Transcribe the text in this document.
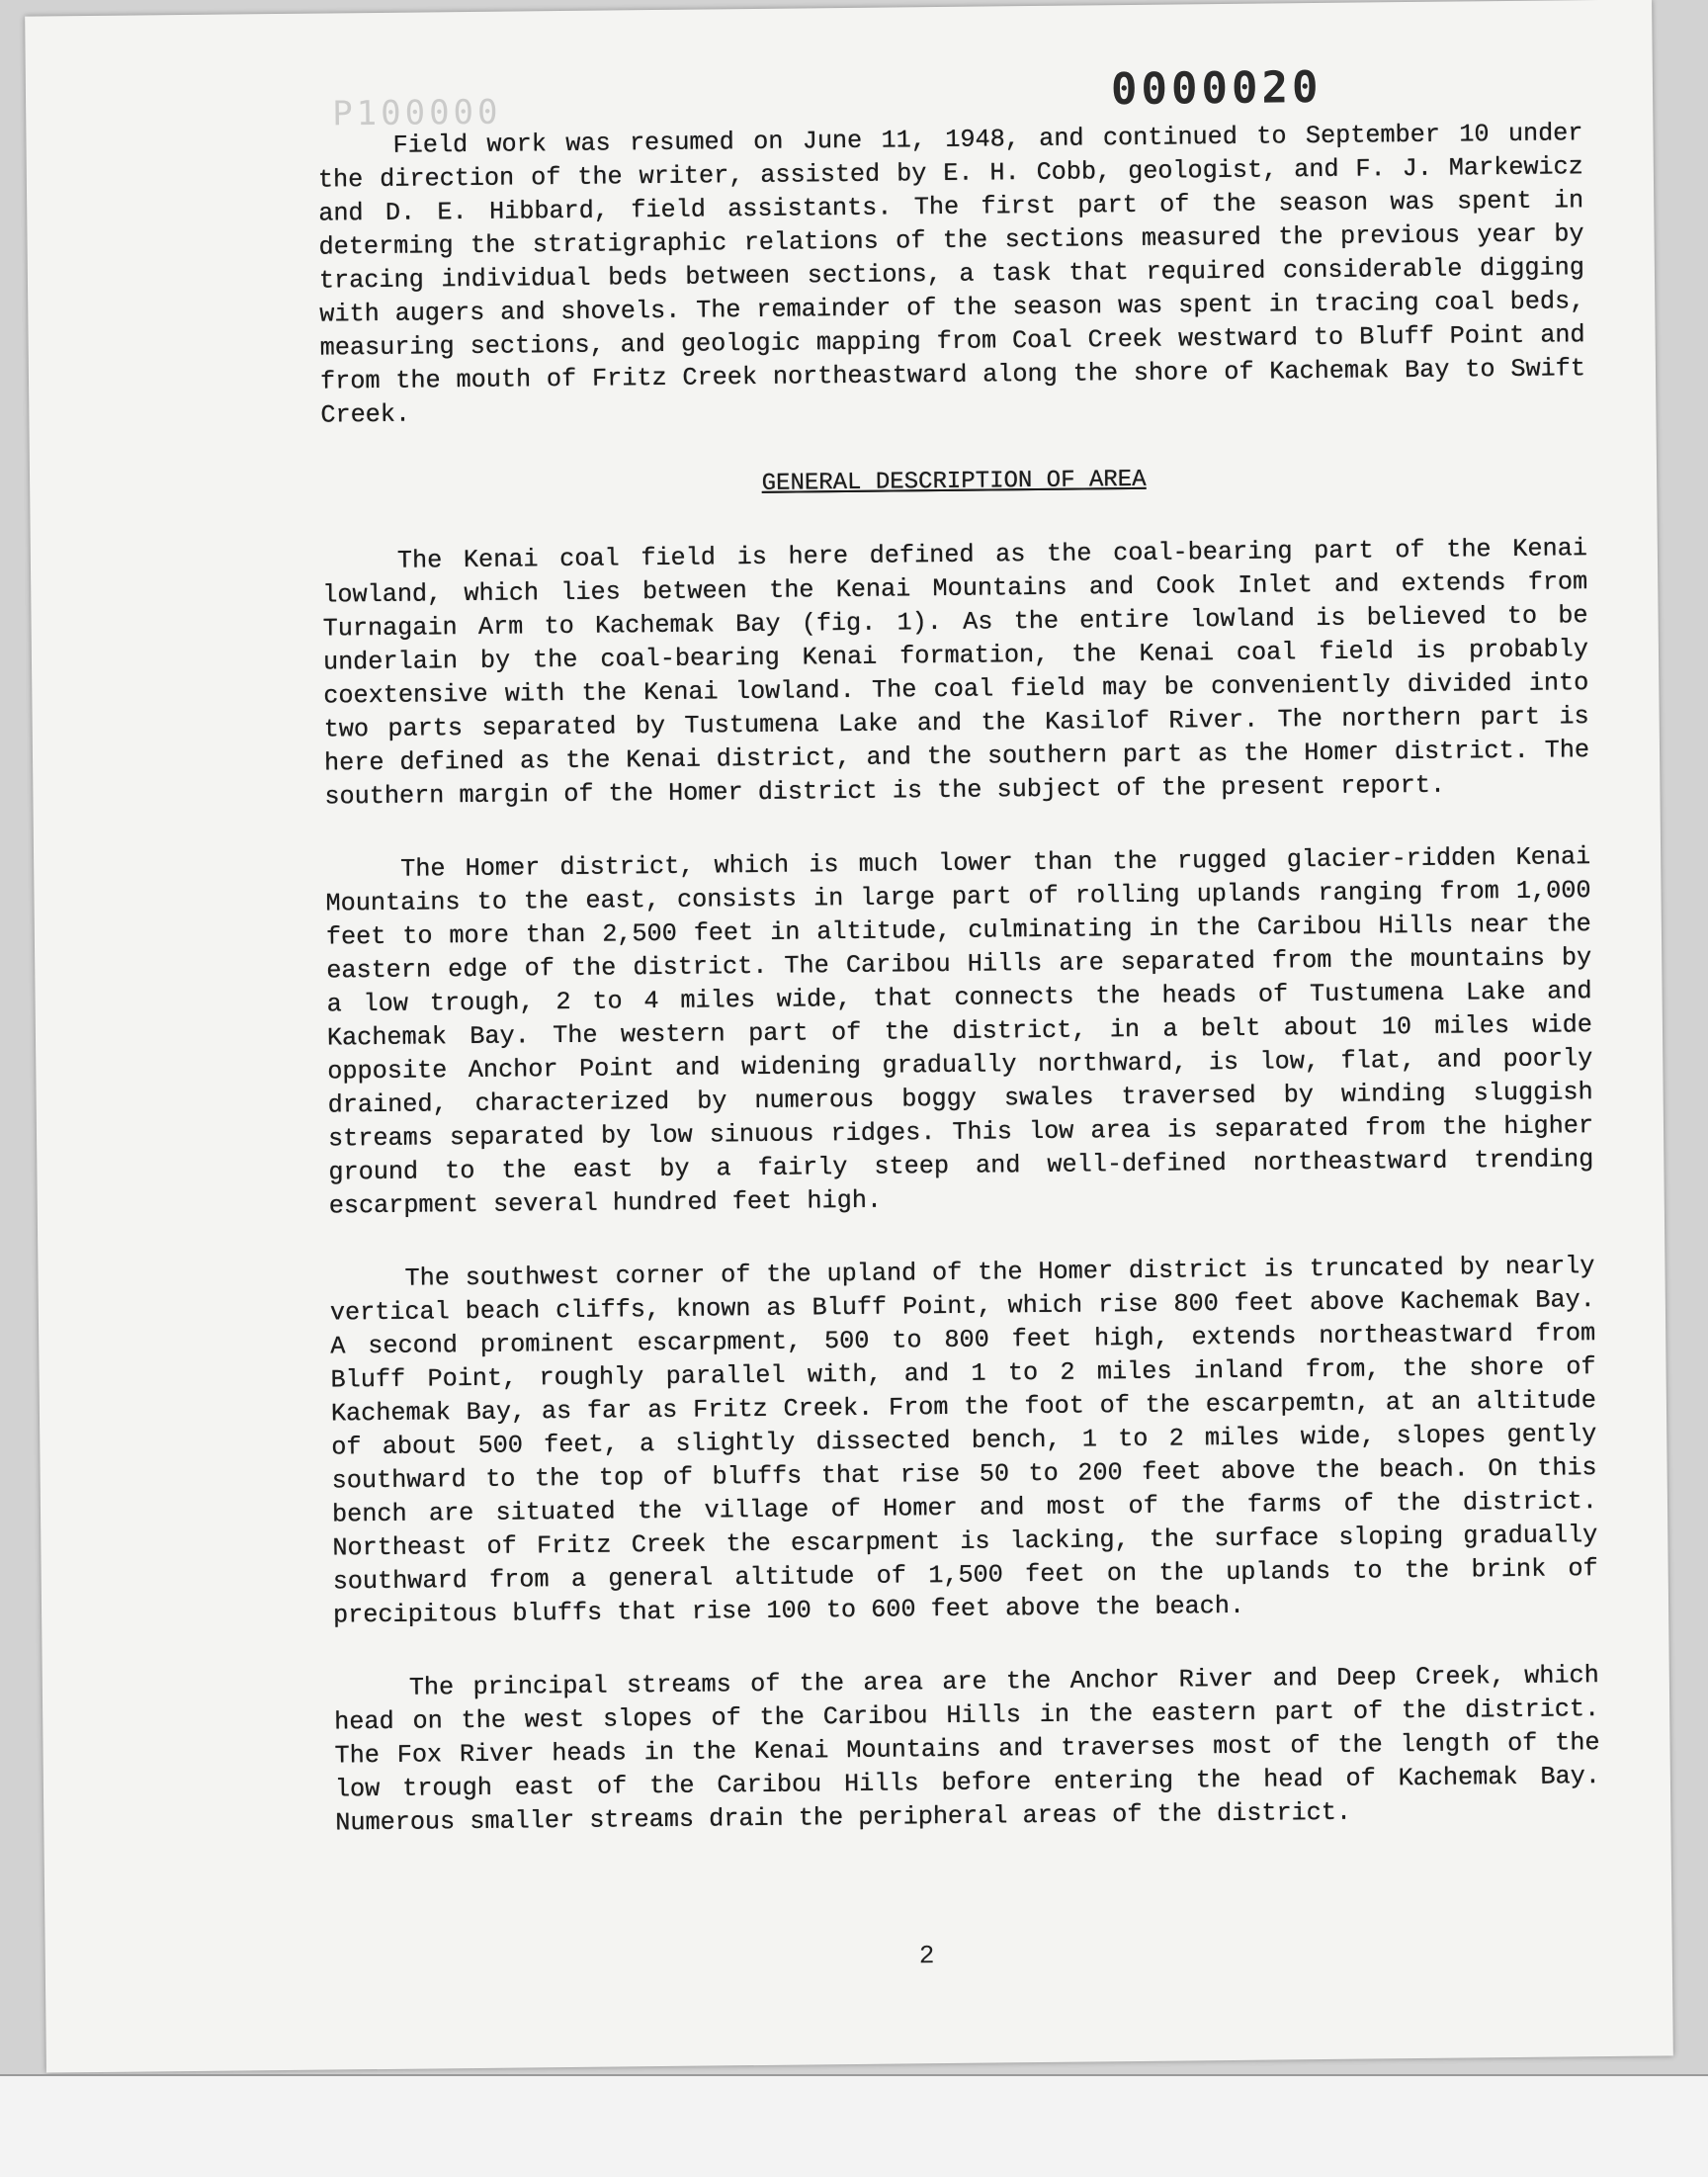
0000020
P100000

Field work was resumed on June 11, 1948, and continued to September 10 under the direction of the writer, assisted by E. H. Cobb, geologist, and F. J. Markewicz and D. E. Hibbard, field assistants. The first part of the season was spent in determing the stratigraphic relations of the sections measured the previous year by tracing individual beds between sections, a task that required considerable digging with augers and shovels. The remainder of the season was spent in tracing coal beds, measuring sections, and geologic mapping from Coal Creek westward to Bluff Point and from the mouth of Fritz Creek northeastward along the shore of Kachemak Bay to Swift Creek.

GENERAL DESCRIPTION OF AREA

The Kenai coal field is here defined as the coal-bearing part of the Kenai lowland, which lies between the Kenai Mountains and Cook Inlet and extends from Turnagain Arm to Kachemak Bay (fig. 1). As the entire lowland is believed to be underlain by the coal-bearing Kenai formation, the Kenai coal field is probably coextensive with the Kenai lowland. The coal field may be conveniently divided into two parts separated by Tustumena Lake and the Kasilof River. The northern part is here defined as the Kenai district, and the southern part as the Homer district. The southern margin of the Homer district is the subject of the present report.

The Homer district, which is much lower than the rugged glacier-ridden Kenai Mountains to the east, consists in large part of rolling uplands ranging from 1,000 feet to more than 2,500 feet in altitude, culminating in the Caribou Hills near the eastern edge of the district. The Caribou Hills are separated from the mountains by a low trough, 2 to 4 miles wide, that connects the heads of Tustumena Lake and Kachemak Bay. The western part of the district, in a belt about 10 miles wide opposite Anchor Point and widening gradually northward, is low, flat, and poorly drained, characterized by numerous boggy swales traversed by winding sluggish streams separated by low sinuous ridges. This low area is separated from the higher ground to the east by a fairly steep and well-defined northeastward trending escarpment several hundred feet high.

The southwest corner of the upland of the Homer district is truncated by nearly vertical beach cliffs, known as Bluff Point, which rise 800 feet above Kachemak Bay. A second prominent escarpment, 500 to 800 feet high, extends northeastward from Bluff Point, roughly parallel with, and 1 to 2 miles inland from, the shore of Kachemak Bay, as far as Fritz Creek. From the foot of the escarpemtn, at an altitude of about 500 feet, a slightly dissected bench, 1 to 2 miles wide, slopes gently southward to the top of bluffs that rise 50 to 200 feet above the beach. On this bench are situated the village of Homer and most of the farms of the district. Northeast of Fritz Creek the escarpment is lacking, the surface sloping gradually southward from a general altitude of 1,500 feet on the uplands to the brink of precipitous bluffs that rise 100 to 600 feet above the beach.

The principal streams of the area are the Anchor River and Deep Creek, which head on the west slopes of the Caribou Hills in the eastern part of the district. The Fox River heads in the Kenai Mountains and traverses most of the length of the low trough east of the Caribou Hills before entering the head of Kachemak Bay. Numerous smaller streams drain the peripheral areas of the district.

2
